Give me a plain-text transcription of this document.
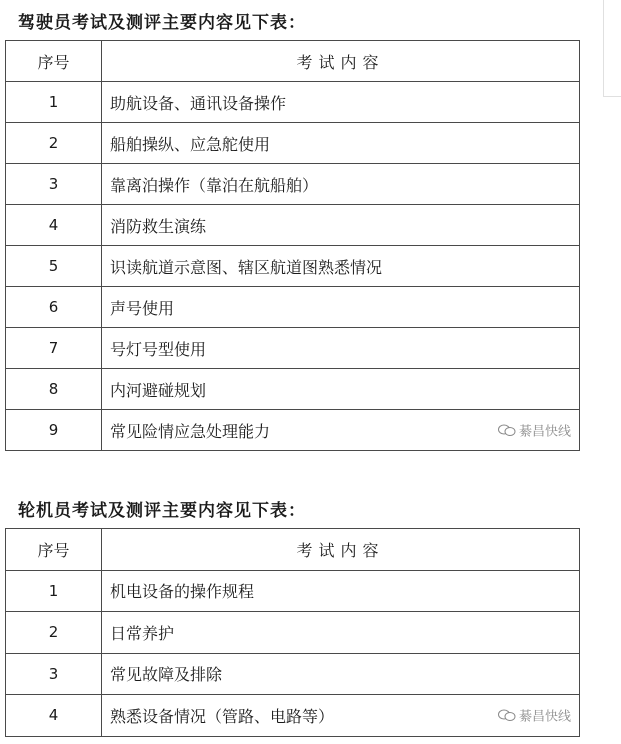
驾驶员考试及测评主要内容见下表：
序号	考试内容
1	助航设备、通讯设备操作
2	船舶操纵、应急舵使用
3	靠离泊操作（靠泊在航船舶）
4	消防救生演练
5	识读航道示意图、辖区航道图熟悉情况
6	声号使用
7	号灯号型使用
8	内河避碰规划
9	常见险情应急处理能力 綦昌快线
轮机员考试及测评主要内容见下表：
序号	考试内容
1	机电设备的操作规程
2	日常养护
3	常见故障及排除
4	熟悉设备情况（管路、电路等） 綦昌快线
